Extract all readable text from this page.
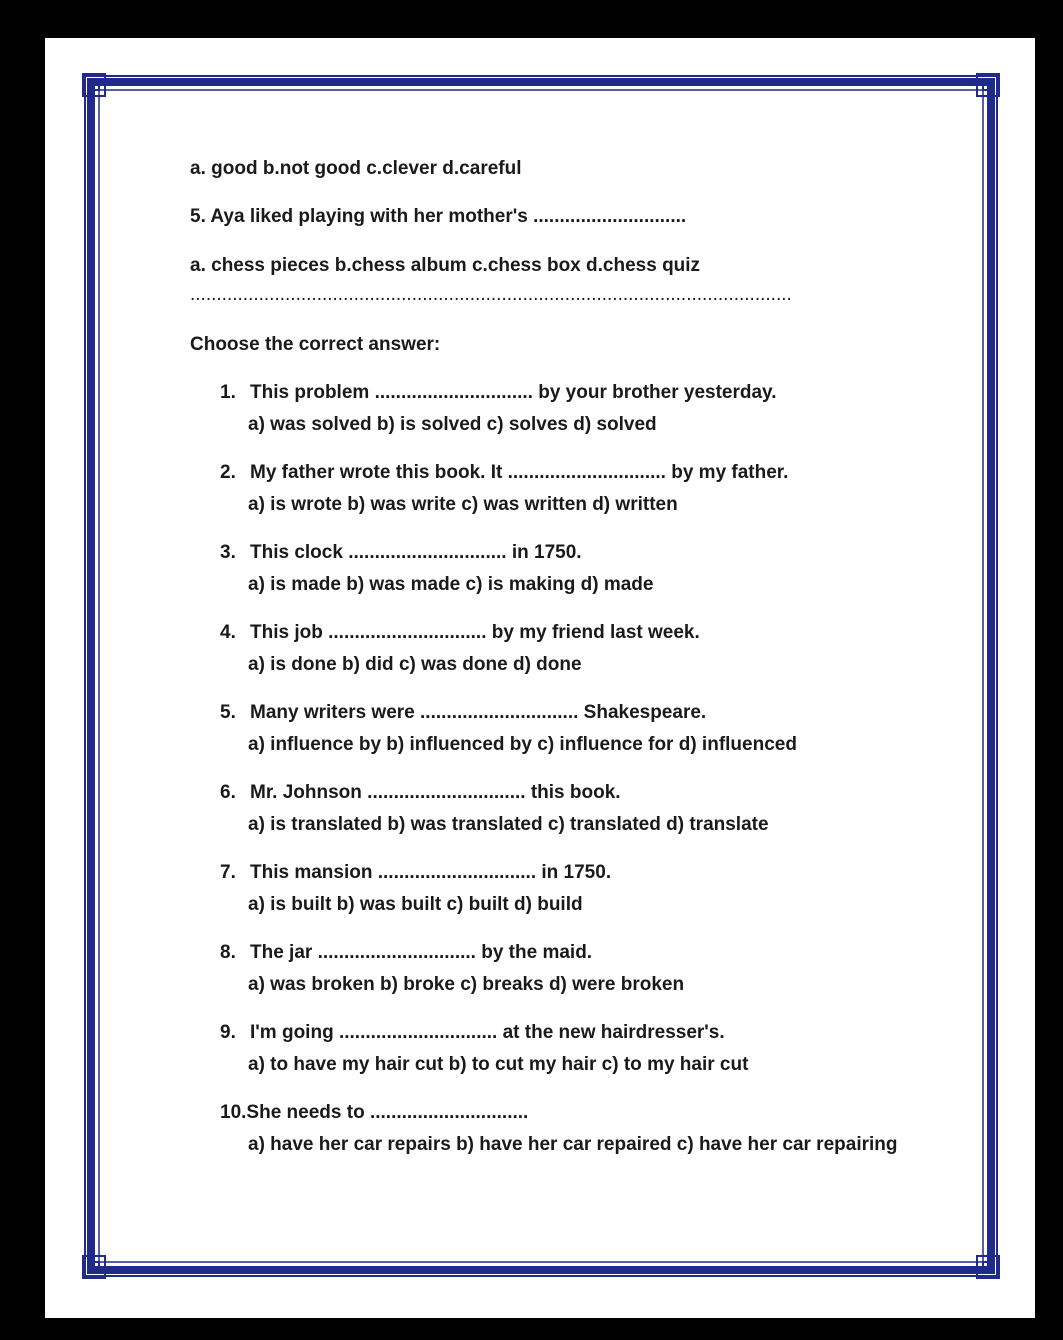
a. good b.not good c.clever d.careful
5. Aya liked playing with her mother's .............................
a. chess pieces b.chess album c.chess box d.chess quiz
..................................................................................................................
Choose the correct answer:
1. This problem .............................. by your brother yesterday.
a) was solved b) is solved c) solves d) solved
2. My father wrote this book. It .............................. by my father.
a) is wrote b) was write c) was written d) written
3. This clock .............................. in 1750.
a) is made b) was made c) is making d) made
4. This job .............................. by my friend last week.
a) is done b) did c) was done d) done
5. Many writers were .............................. Shakespeare.
a) influence by b) influenced by c) influence for d) influenced
6. Mr. Johnson .............................. this book.
a) is translated b) was translated c) translated d) translate
7. This mansion .............................. in 1750.
a) is built b) was built c) built d) build
8. The jar .............................. by the maid.
a) was broken b) broke c) breaks d) were broken
9. I'm going .............................. at the new hairdresser's.
a) to have my hair cut b) to cut my hair c) to my hair cut
10.She needs to ..............................
a) have her car repairs b) have her car repaired c) have her car repairing
